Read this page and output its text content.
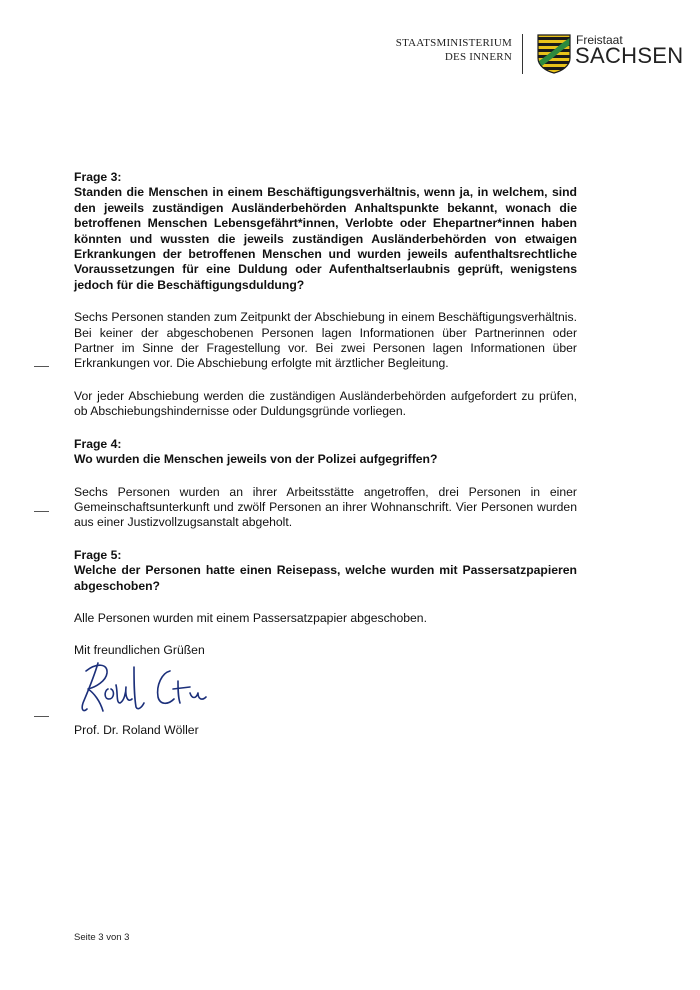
STAATSMINISTERIUM
DES INNERN
Freistaat
SACHSEN

Frage 3:

Standen die Menschen in einem Beschäftigungsverhältnis, wenn ja, in welchem, sind den jeweils zuständigen Ausländerbehörden Anhaltspunkte bekannt, wonach die betroffenen Menschen Lebensgefährt*innen, Verlobte oder Ehepartner*innen haben könnten und wussten die jeweils zuständigen Ausländerbehörden von etwaigen Erkrankungen der betroffenen Menschen und wurden jeweils aufenthaltsrechtliche Voraussetzungen für eine Duldung oder Aufenthaltserlaubnis geprüft, wenigstens jedoch für die Beschäftigungsduldung?

Sechs Personen standen zum Zeitpunkt der Abschiebung in einem Beschäftigungsverhältnis. Bei keiner der abgeschobenen Personen lagen Informationen über Partnerinnen oder Partner im Sinne der Fragestellung vor. Bei zwei Personen lagen Informationen über Erkrankungen vor. Die Abschiebung erfolgte mit ärztlicher Begleitung.

Vor jeder Abschiebung werden die zuständigen Ausländerbehörden aufgefordert zu prüfen, ob Abschiebungshindernisse oder Duldungsgründe vorliegen.

Frage 4:

Wo wurden die Menschen jeweils von der Polizei aufgegriffen?

Sechs Personen wurden an ihrer Arbeitsstätte angetroffen, drei Personen in einer Gemeinschaftsunterkunft und zwölf Personen an ihrer Wohnanschrift. Vier Personen wurden aus einer Justizvollzugsanstalt abgeholt.

Frage 5:

Welche der Personen hatte einen Reisepass, welche wurden mit Passersatzpapieren abgeschoben?

Alle Personen wurden mit einem Passersatzpapier abgeschoben.

Mit freundlichen Grüßen

Prof. Dr. Roland Wöller

Seite 3 von 3
